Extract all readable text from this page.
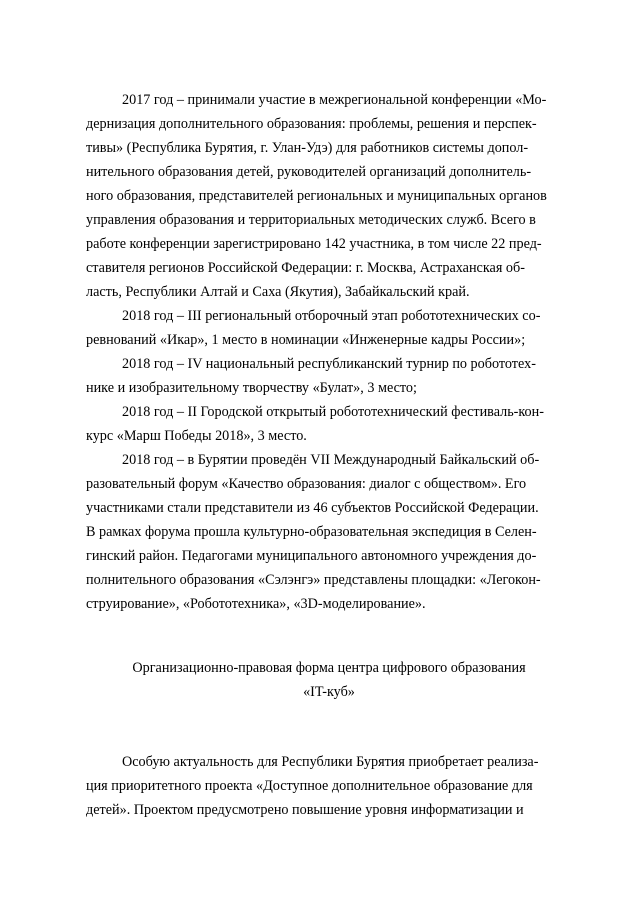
2017 год – принимали участие в межрегиональной конференции «Мо-
дернизация дополнительного образования: проблемы, решения и перспек-
тивы» (Республика Бурятия, г. Улан-Удэ) для работников системы допол-
нительного образования детей, руководителей организаций дополнитель-
ного образования, представителей региональных и муниципальных органов
управления образования и территориальных методических служб. Всего в
работе конференции зарегистрировано 142 участника, в том числе 22 пред-
ставителя регионов Российской Федерации: г. Москва, Астраханская об-
ласть, Республики Алтай и Саха (Якутия), Забайкальский край.

2018 год – III региональный отборочный этап робототехнических со-
ревнований «Икар», 1 место в номинации «Инженерные кадры России»;

2018 год – IV национальный республиканский турнир по робототех-
нике и изобразительному творчеству «Булат», 3 место;

2018 год – II Городской открытый робототехнический фестиваль-кон-
курс «Марш Победы 2018», 3 место.

2018 год – в Бурятии проведён VII Международный Байкальский об-
разовательный форум «Качество образования: диалог с обществом». Его
участниками стали представители из 46 субъектов Российской Федерации.
В рамках форума прошла культурно-образовательная экспедиция в Селен-
гинский район. Педагогами муниципального автономного учреждения до-
полнительного образования «Сэлэнгэ» представлены площадки: «Легокон-
струирование», «Робототехника», «3D-моделирование».

Организационно-правовая форма центра цифрового образования
«IT-куб»

Особую актуальность для Республики Бурятия приобретает реализа-
ция приоритетного проекта «Доступное дополнительное образование для
детей». Проектом предусмотрено повышение уровня информатизации и
